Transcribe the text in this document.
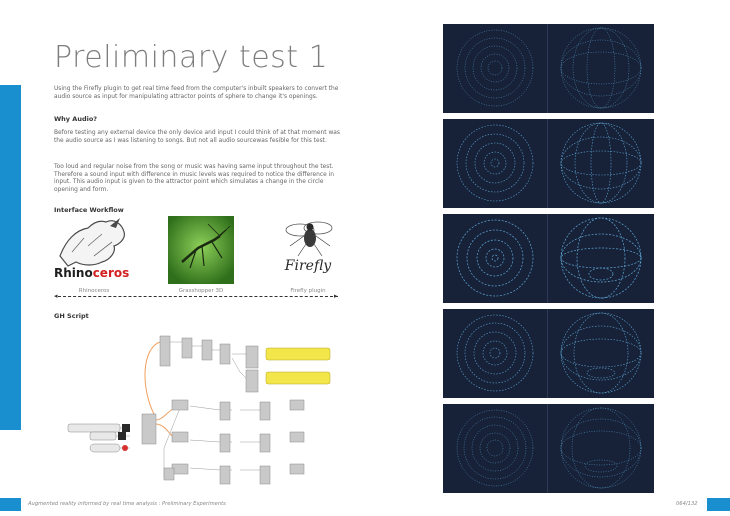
Preliminary test 1
Using the Firefly plugin to get real time feed from the computer's inbuilt speakers to convert the audio source as input for manipulating attractor points of sphere to change it's openings.
Why Audio?
Before testing any external device the only device and input I could think of at that moment was the audio source as I was listening to songs. But not all audio sourcewas fesible for this test.
Too loud and regular noise from the song or music was having same input throughout the test. Therefore a sound input with difference in music levels was required to notice the difference in input. This audio input is given to the attractor point which simulates a change in the circle opening and form.
Interface Workflow
Rhinoceros
Rhinoceros	Grasshopper 3D
Firefly
Firefly plugin
◂	▸
GH Script
Augmented reality informed by real time analysis : Preliminary Experiments	064/132
